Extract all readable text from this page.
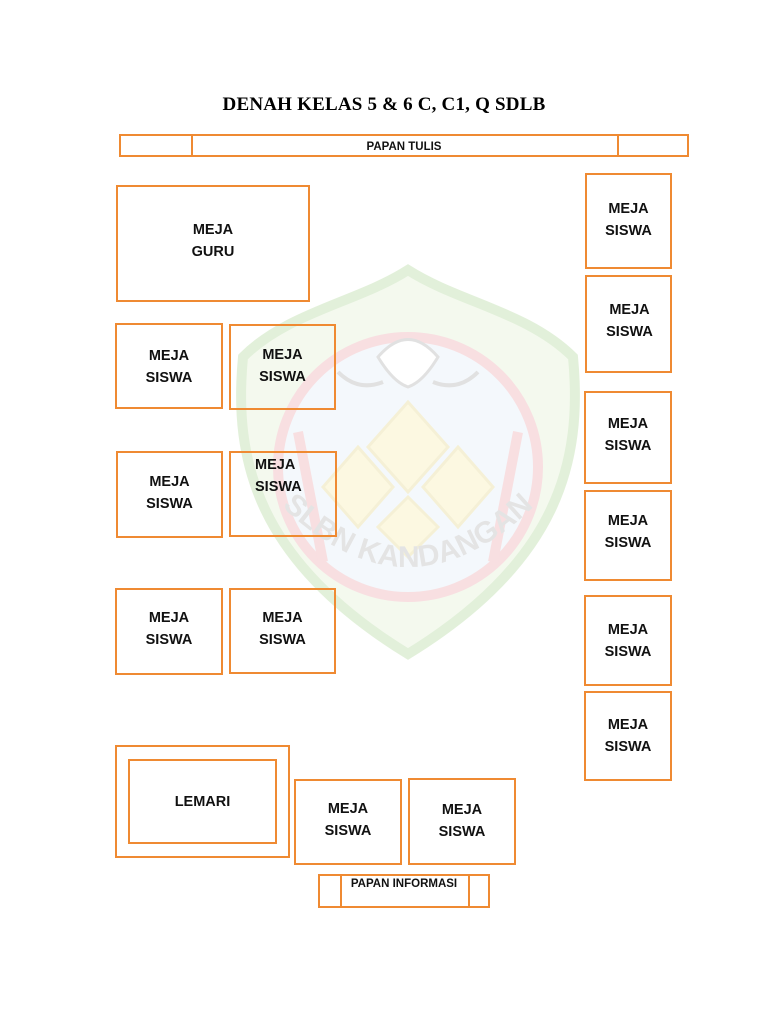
SLBN KANDANGAN
DENAH KELAS 5 & 6 C, C1, Q SDLB
PAPAN TULIS
MEJA
GURU
MEJA
SISWA
MEJA
SISWA
MEJA
SISWA
MEJA
SISWA
MEJA
SISWA
MEJA
SISWA
LEMARI	MEJA
SISWA
MEJA
SISWA
PAPAN INFORMASI
MEJA
SISWA
MEJA
SISWA
MEJA
SISWA
MEJA
SISWA
MEJA
SISWA
MEJA
SISWA
